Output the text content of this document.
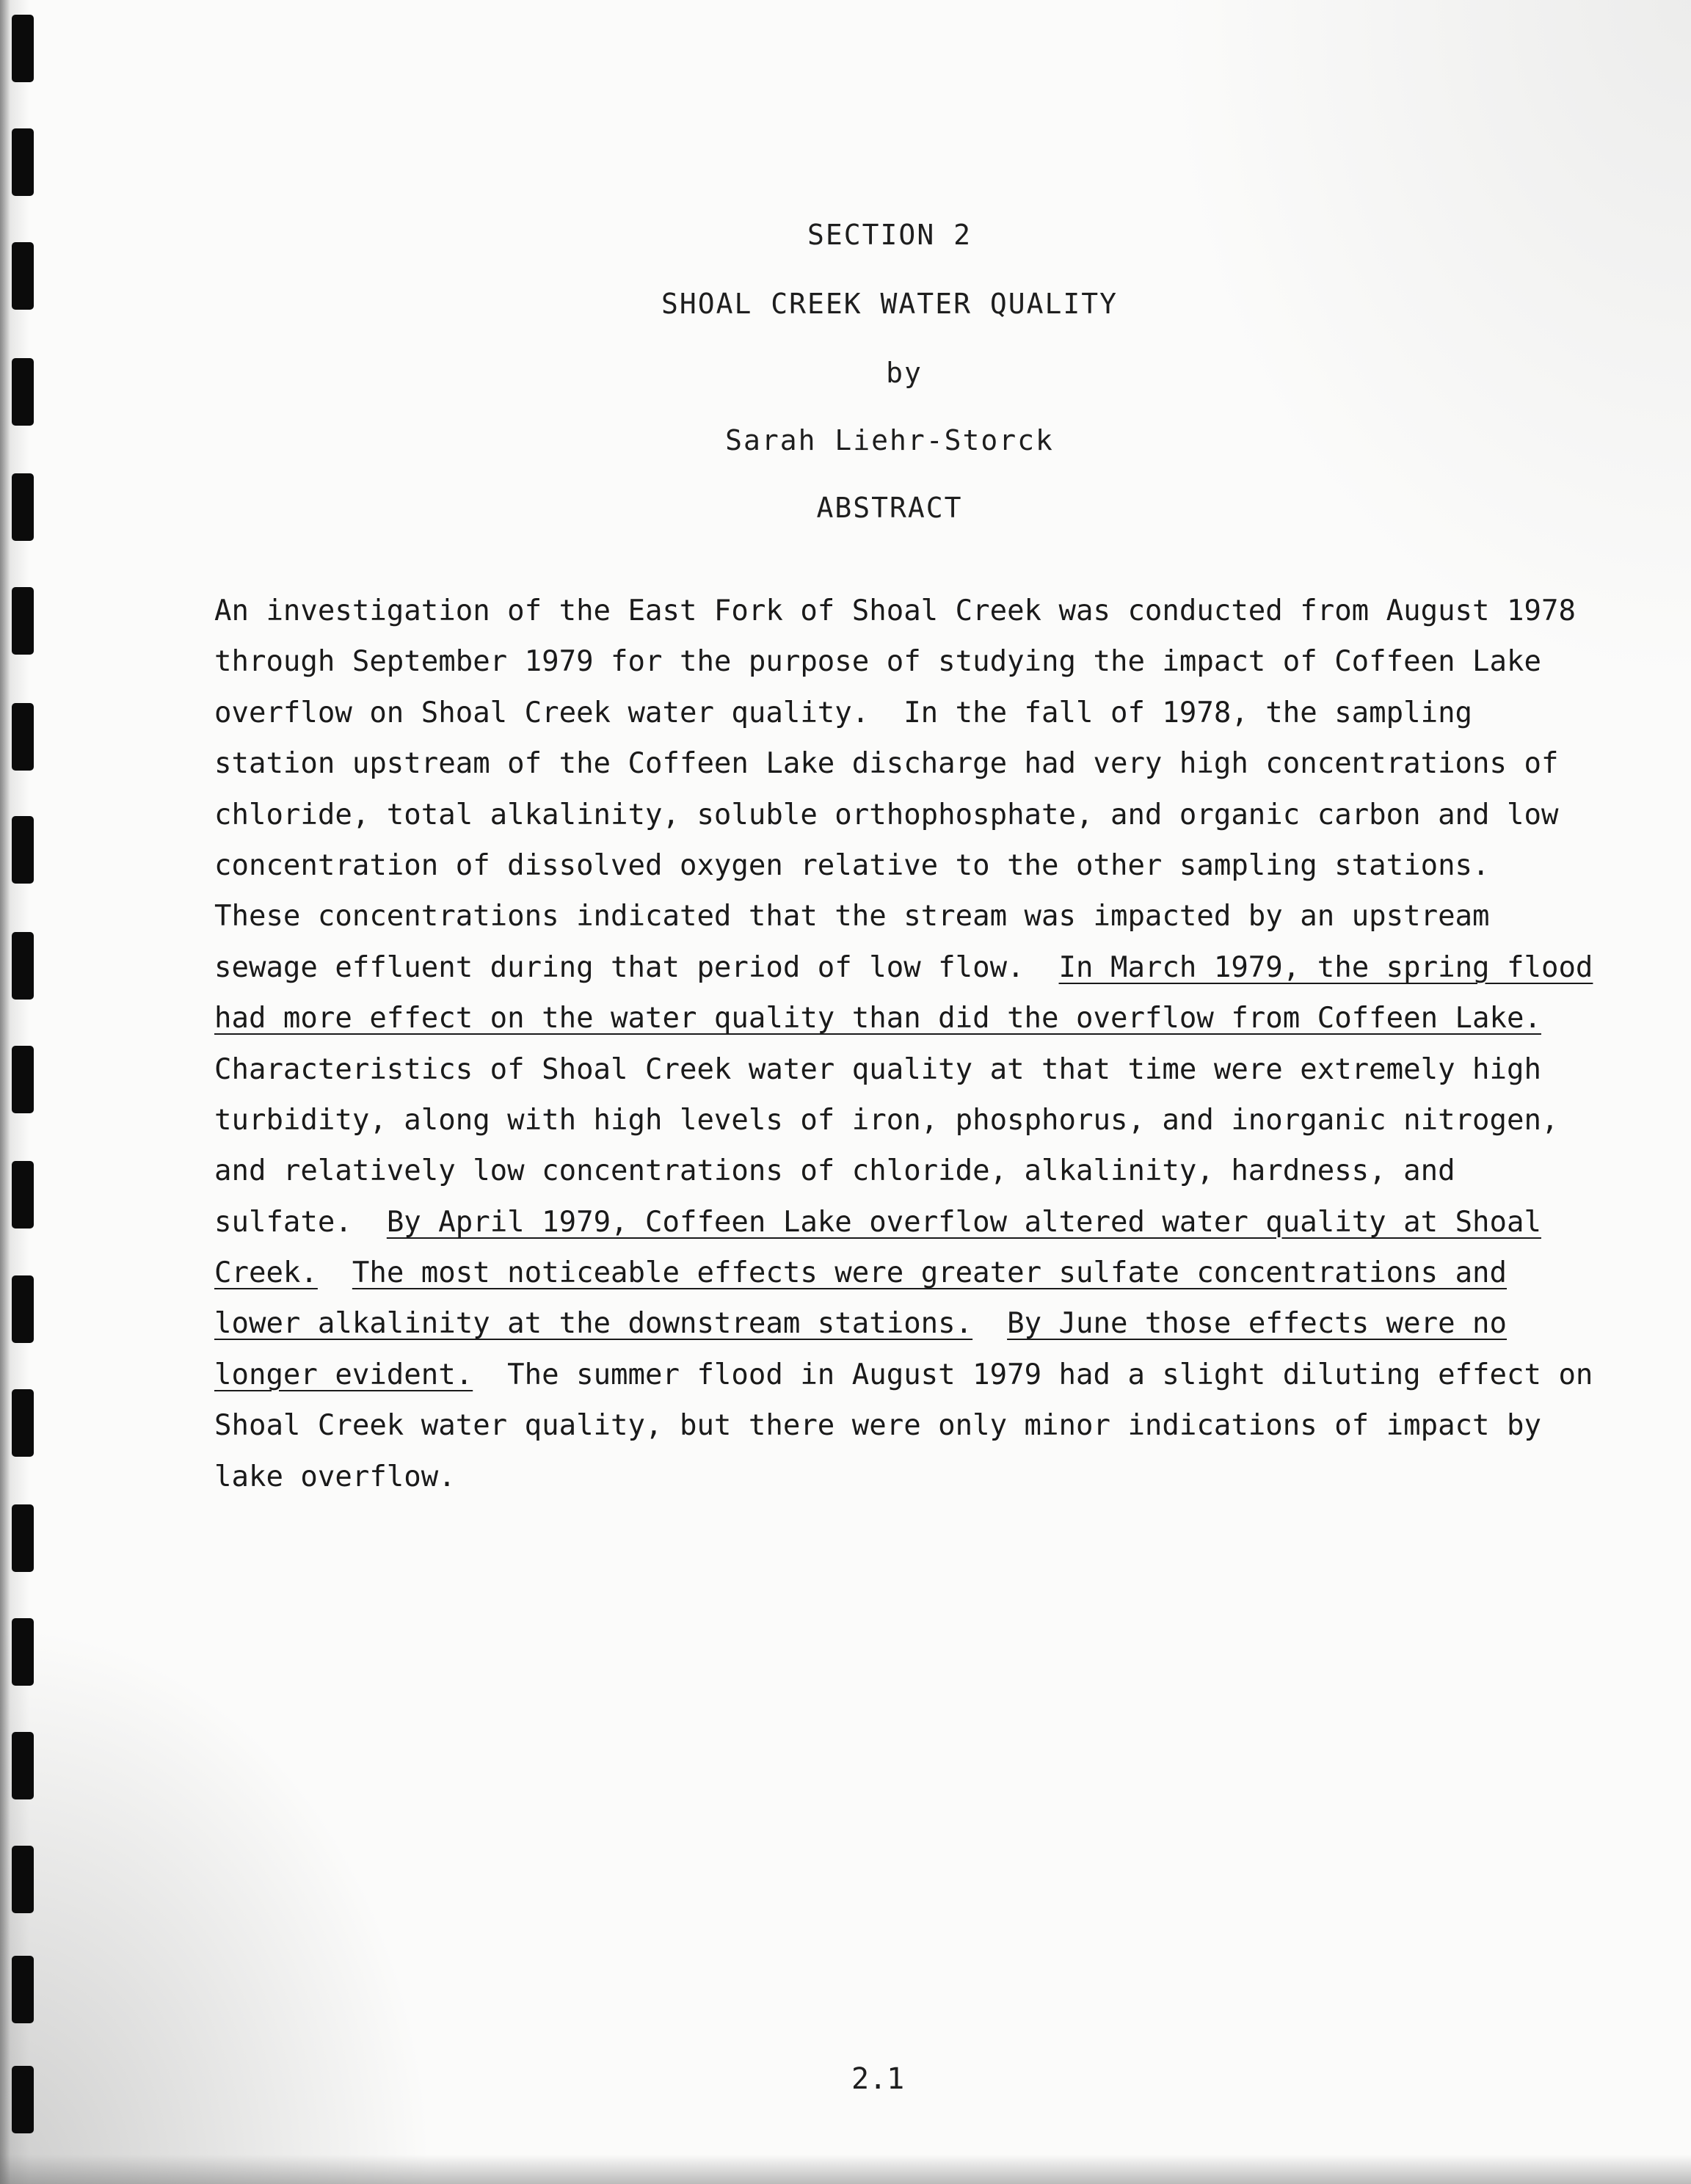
SECTION 2
SHOAL CREEK WATER QUALITY
by
Sarah Liehr-Storck
ABSTRACT
An investigation of the East Fork of Shoal Creek was conducted from August 1978
through September 1979 for the purpose of studying the impact of Coffeen Lake
overflow on Shoal Creek water quality.  In the fall of 1978, the sampling
station upstream of the Coffeen Lake discharge had very high concentrations of
chloride, total alkalinity, soluble orthophosphate, and organic carbon and low
concentration of dissolved oxygen relative to the other sampling stations.
These concentrations indicated that the stream was impacted by an upstream
sewage effluent during that period of low flow.  In March 1979, the spring flood
had more effect on the water quality than did the overflow from Coffeen Lake.
Characteristics of Shoal Creek water quality at that time were extremely high
turbidity, along with high levels of iron, phosphorus, and inorganic nitrogen,
and relatively low concentrations of chloride, alkalinity, hardness, and
sulfate.  By April 1979, Coffeen Lake overflow altered water quality at Shoal
Creek. The most noticeable effects were greater sulfate concentrations and
lower alkalinity at the downstream stations. By June those effects were no
longer evident.  The summer flood in August 1979 had a slight diluting effect on
Shoal Creek water quality, but there were only minor indications of impact by
lake overflow.
2.1
